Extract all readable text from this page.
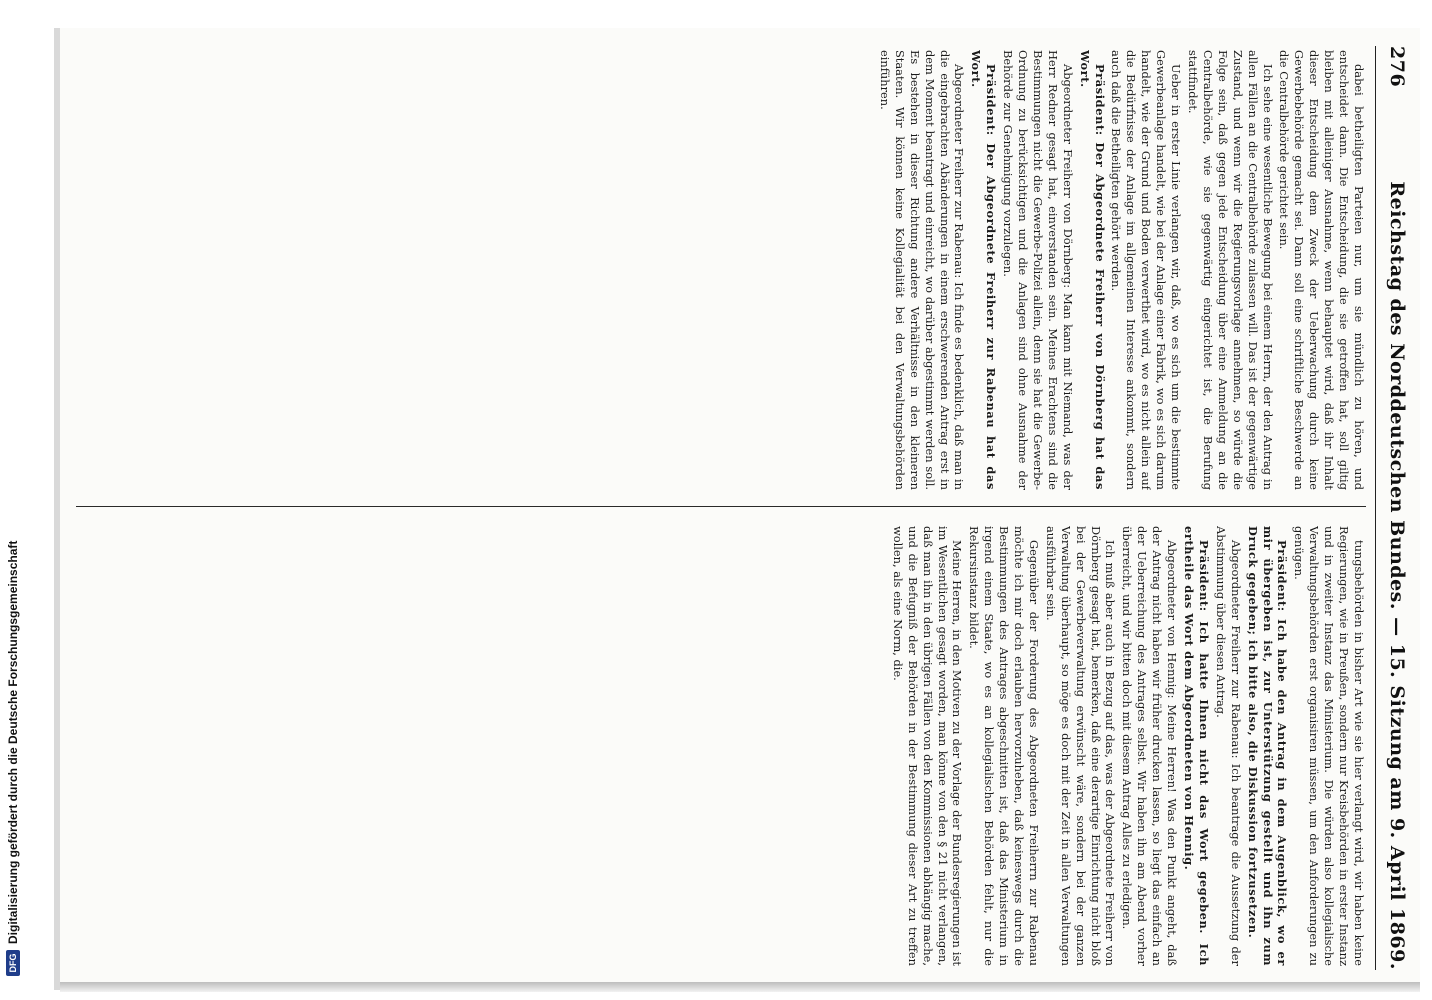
DFG
Digitalisierung gefördert durch die Deutsche Forschungsgemeinschaft
276
Reichstag des Norddeutschen Bundes. — 15. Sitzung am 9. April 1869.

dabei betheiligten Parteien nur, um sie mündlich zu hören, und entscheidet dann. Die Entscheidung, die sie getroffen hat, soll giltig bleiben mit alleiniger Ausnahme, wenn behauptet wird, daß ihr Inhalt dieser Entscheidung dem Zweck der Ueberwachung durch keine Gewerbebehörde gemacht sei. Dann soll eine schriftliche Beschwerde an die Centralbehörde gerichtet sein.

Ich sehe eine wesentliche Bewegung bei einem Herrn, der den Antrag in allen Fällen an die Centralbehörde zulassen will. Das ist der gegenwärtige Zustand, und wenn wir die Regierungsvorlage annehmen, so würde die Folge sein, daß gegen jede Entscheidung über eine Anmeldung an die Centralbehörde, wie sie gegenwärtig eingerichtet ist, die Berufung stattfindet.

Ueber in erster Linie verlangen wir, daß, wo es sich um die bestimmte Gewerbeanlage handelt, wie bei der Anlage einer Fabrik, wo es sich darum handelt, wie der Grund und Boden verwerthet wird, wo es nicht allein auf die Bedürfnisse der Anlage im allgemeinen Interesse ankommt, sondern auch daß die Betheiligten gehört werden.

Präsident: Der Abgeordnete Freiherr von Dörnberg hat das Wort.

Abgeordneter Freiherr von Dörnberg: Man kann mit Niemand, was der Herr Redner gesagt hat, einverstanden sein. Meines Erachtens sind die Bestimmungen nicht die Gewerbe-Polizei allein, denn sie hat die Gewerbe-Ordnung zu berücksichtigen und die Anlagen sind ohne Ausnahme der Behörde zur Genehmigung vorzulegen.

Präsident: Der Abgeordnete Freiherr zur Rabenau hat das Wort.

Abgeordneter Freiherr zur Rabenau: Ich finde es bedenklich, daß man in die eingebrachten Abänderungen in einem erschwerenden Antrag erst in dem Moment beantragt und einreicht, wo darüber abgestimmt werden soll. Es bestehen in dieser Richtung andere Verhältnisse in den kleineren Staaten. Wir können keine Kollegialität bei den Verwaltungsbehörden einführen.

tungsbehörden in bisher Art wie sie hier verlangt wird, wir haben keine Regierungen, wie in Preußen, sondern nur Kreisbehörden in erster Instanz und in zweiter Instanz das Ministerium. Die würden also kollegialische Verwaltungsbehörden erst organisiren müssen, um den Anforderungen zu genügen.

Präsident: Ich habe den Antrag in dem Augenblick, wo er mir übergeben ist, zur Unterstützung gestellt und ihn zum Druck gegeben; ich bitte also, die Diskussion fortzusetzen.

Abgeordneter Freiherr zur Rabenau: Ich beantrage die Aussetzung der Abstimmung über diesen Antrag.

Präsident: Ich hatte Ihnen nicht das Wort gegeben. Ich ertheile das Wort dem Abgeordneten von Hennig.

Abgeordneter von Hennig: Meine Herren! Was den Punkt angeht, daß der Antrag nicht haben wir früher drucken lassen, so liegt das einfach an der Ueberreichung des Antrages selbst. Wir haben ihn am Abend vorher überreicht, und wir bitten doch mit diesem Antrag Alles zu erledigen.

Ich muß aber auch in Bezug auf das, was der Abgeordnete Freiherr von Dörnberg gesagt hat, bemerken, daß eine derartige Einrichtung nicht bloß bei der Gewerbeverwaltung erwünscht wäre, sondern bei der ganzen Verwaltung überhaupt, so möge es doch mit der Zeit in allen Verwaltungen ausführbar sein.

Gegenüber der Forderung des Abgeordneten Freiherrn zur Rabenau möchte ich mir doch erlauben hervorzuheben, daß keineswegs durch die Bestimmungen des Antrages abgeschnitten ist, daß das Ministerium in irgend einem Staate, wo es an kollegialischen Behörden fehlt, nur die Rekursinstanz bildet.

Meine Herren, in den Motiven zu der Vorlage der Bundesregierungen ist im Wesentlichen gesagt worden, man könne von den § 21 nicht verlangen, daß man ihn in den übrigen Fällen von den Kommissionen abhängig mache, und die Befugniß der Behörden in der Bestimmung dieser Art zu treffen wollen, als eine Norm, die.
